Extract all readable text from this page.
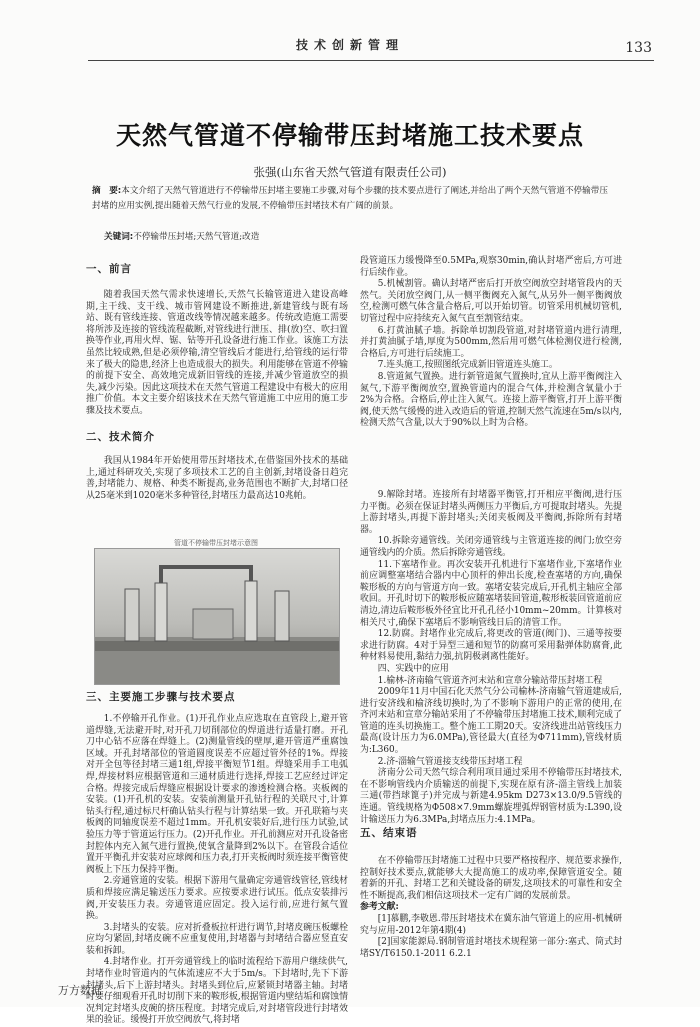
技术创新管理	133
天然气管道不停输带压封堵施工技术要点
张强(山东省天然气管道有限责任公司)
摘　要:本文介绍了天然气管道进行不停输带压封堵主要施工步骤,对每个步骤的技术要点进行了阐述,并给出了两个天然气管道不停输带压封堵的应用实例,提出随着天然气行业的发展,不停输带压封堵技术有广阔的前景。
关键词:不停输带压封堵;天然气管道;改造
一、前言

随着我国天然气需求快速增长,天然气长输管道进入建设高峰期,主干线、支干线、城市管网建设不断推进,新建管线与既有场站、既有管线连接、管道改线等情况越来越多。传统改造施工需要将所涉及连接的管线流程截断,对管线进行泄压、排(放)空、吹扫置换等作业,再用火焊、锯、钻等开孔设备进行施工作业。该施工方法虽然比较成熟,但是必须停输,清空管线后才能进行,给管线的运行带来了极大的隐患,经济上也造成很大的损失。利用能够在管道不停输的前提下安全、高效地完成新旧管线的连接,并减少管道放空的损失,减少污染。因此这项技术在天然气管道工程建设中有极大的应用推广价值。本文主要介绍该技术在天然气管道施工中应用的施工步骤及技术要点。

二、技术简介

我国从1984年开始使用带压封堵技术,在借鉴国外技术的基础上,通过科研攻关,实现了多项技术工艺的自主创新,封堵设备日趋完善,封堵能力、规格、种类不断提高,业务范围也不断扩大,封堵口径从25毫米到1020毫米多种管径,封堵压力最高达10兆帕。

三、主要施工步骤与技术要点

1.不停输开孔作业。(1)开孔作业点应选取在直管段上,避开管道焊缝,无法避开时,对开孔刀切削部位的焊道进行适量打磨。开孔刀中心钻不应落在焊缝上。(2)测量管线的壁厚,避开管道严重腐蚀区域。开孔封堵部位的管道圆度误差不应超过管外径的1%。焊接对开全包等径封堵三通1组,焊接平衡短节1组。焊缝采用手工电弧焊,焊接材料应根据管道和三通材质进行选择,焊接工艺应经过评定合格。焊接完成后焊缝应根据设计要求的渗透检测合格。夹板阀的安装。(1)开孔机的安装。安装前测量开孔钻行程的关联尺寸,计算钻头行程,通过标尺杆确认钻头行程与计算结果一致。开孔联箱与夹板阀的同轴度误差不超过1mm。开孔机安装好后,进行压力试验,试验压力等于管道运行压力。(2)开孔作业。开孔前测应对开孔设备密封腔体内充入氮气进行置换,使氧含量降到2%以下。在管段合适位置开平衡孔并安装对应球阀和压力表,打开夹板阀时须连接平衡管使阀板上下压力保持平衡。

2.旁通管道的安装。根据下游用气量确定旁通管线管径,管线材质和焊接应满足输送压力要求。应按要求进行试压。低点安装排污阀,开安装压力表。旁通管道应固定。投入运行前,应进行氮气置换。

3.封堵头的安装。应对折叠板拉杆进行调节,封堵皮碗压板螺栓应均匀紧固,封堵皮碗不应重复使用,封堵器与封堵结合器应竖直安装和拆卸。

4.封堵作业。打开旁通管线上的临时流程给下游用户继续供气,封堵作业时管道内的气体流速应不大于5m/s。下封堵时,先下下游封堵头,后下上游封堵头。封堵头到位后,应紧锁封堵器主轴。封堵时要仔细观看开孔时切削下来的鞍形板,根据管道内壁结垢和腐蚀情况判定封堵头皮碗的挤压程度。封堵完成后,对封堵管段进行封堵效果的验证。缓慢打开放空阀放气,将封堵

管道不停输带压封堵示意图

段管道压力缓慢降至0.5MPa,观察30min,确认封堵严密后,方可进行后续作业。

5.机械割管。确认封堵严密后打开放空阀放空封堵管段内的天然气。关闭放空阀门,从一侧平衡阀充入氮气,从另外一侧平衡阀放空,检测可燃气体含量合格后,可以开始切管。切管采用机械切管机,切管过程中应持续充入氮气直至割管结束。

6.打黄油腻子墙。拆除单切割段管道,对封堵管道内进行清理,并打黄油腻子墙,厚度为500mm,然后用可燃气体检测仪进行检测,合格后,方可进行后续施工。

7.连头施工,按照图纸完成新旧管道连头施工。

8.管道氮气置换。进行新管道氮气置换时,宜从上游平衡阀注入氮气,下游平衡阀放空,置换管道内的混合气体,并检测含氧量小于2%为合格。合格后,停止注入氮气。连接上游平衡管,打开上游平衡阀,使天然气缓慢的进入改造后的管道,控制天然气流速在5m/s以内,检测天然气含量,以大于90%以上时为合格。

9.解除封堵。连接所有封堵器平衡管,打开相应平衡阀,进行压力平衡。必须在保证封堵头两侧压力平衡后,方可提取封堵头。先提上游封堵头,再提下游封堵头;关闭夹板阀及平衡阀,拆除所有封堵器。

10.拆除旁通管线。关闭旁通管线与主管道连接的阀门;放空旁通管线内的介质。然后拆除旁通管线。

11.下塞堵作业。再次安装开孔机进行下塞堵作业,下塞堵作业前应调整塞堵结合器内中心顶杆的伸出长度,检查塞堵的方向,确保鞍形板的方向与管道方向一致。塞堵安装完成后,开孔机主轴应全部收回。开孔时切下的鞍形板应随塞堵装回管道,鞍形板装回管道前应清边,清边后鞍形板外径宜比开孔孔径小10mm~20mm。计算核对相关尺寸,确保下塞堵后不影响管线日后的清管工作。

12.防腐。封堵作业完成后,将更改的管道(阀门)、三通等按要求进行防腐。4对于异型三通和短节的防腐可采用黏弹体防腐膏,此种材料易使用,黏结力强,抗阴极剥离性能好。

四、实践中的应用

1.榆林-济南输气管道齐河末站和宣章分输站带压封堵工程

2009年11月中国石化天然气分公司榆林-济南输气管道建成后,进行安济线和榆济线切换时,为了不影响下游用户的正常的使用,在齐河末站和宣章分输站采用了不停输带压封堵施工技术,顺利完成了管道的连头切换施工。整个施工工期20天。安济线进出站管线压力最高(设计压力为6.0MPa),管径最大(直径为Φ711mm),管线材质为:L360。

2.济-淄输气管道接支线带压封堵工程

济南分公司天然气综合利用项目通过采用不停输带压封堵技术,在不影响管线内介质输送的前提下,实现在原有济-淄主管线上加装三通(带挡球篦子)并完成与新建4.95km D273×13.0/9.5管线的连通。管线规格为Φ508×7.9mm螺旋埋弧焊钢管材质为:L390,设计输送压力为6.3MPa,封堵点压力:4.1MPa。

五、结束语

在不停输带压封堵施工过程中只要严格按程序、规范要求操作,控制好技术要点,就能够大大提高施工的成功率,保障管道安全。随着新的开孔、封堵工艺和关键设备的研发,这项技术的可靠性和安全性不断提高,我们相信这项技术一定有广阔的发展前景。

参考文献:

[1]慕鹏,李敬恩.带压封堵技术在冀东油气管道上的应用-机械研究与应用-2012年第4期(4)

[2]国家能源局.钢制管道封堵技术规程第一部分:塞式、筒式封堵SY/T6150.1-2011 6.2.1

万方数据
